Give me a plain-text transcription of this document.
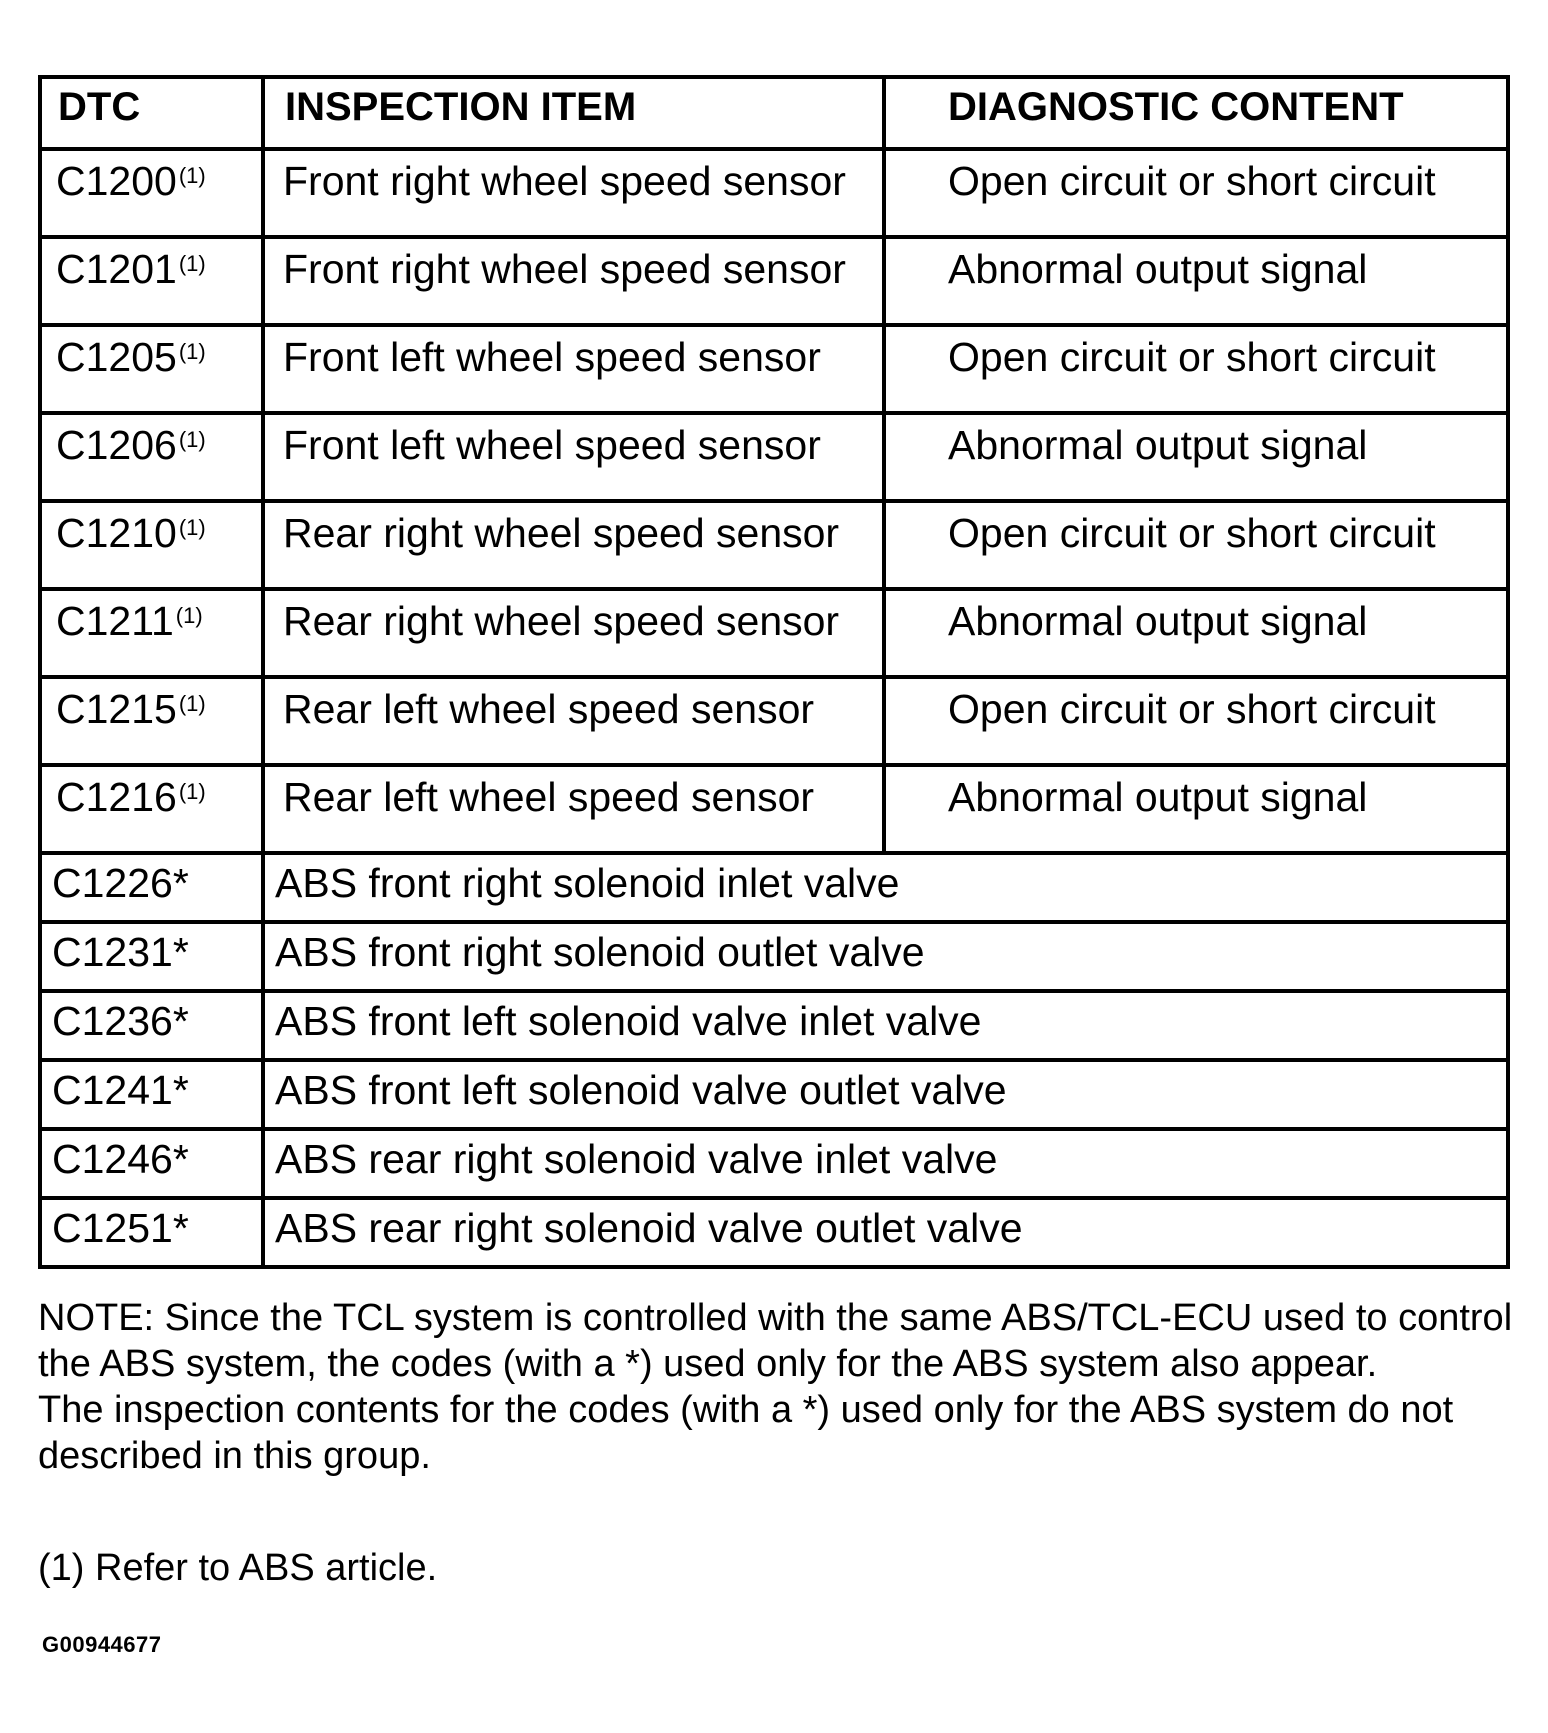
DTC	INSPECTION ITEM	DIAGNOSTIC CONTENT
C1200$^{(1)}$	Front right wheel speed sensor	Open circuit or short circuit
C1201$^{(1)}$	Front right wheel speed sensor	Abnormal output signal
C1205$^{(1)}$	Front left wheel speed sensor	Open circuit or short circuit
C1206$^{(1)}$	Front left wheel speed sensor	Abnormal output signal
C1210$^{(1)}$	Rear right wheel speed sensor	Open circuit or short circuit
C1211$^{(1)}$	Rear right wheel speed sensor	Abnormal output signal
C1215$^{(1)}$	Rear left wheel speed sensor	Open circuit or short circuit
C1216$^{(1)}$	Rear left wheel speed sensor	Abnormal output signal
C1226*	ABS front right solenoid inlet valve	
C1231*	ABS front right solenoid outlet valve	
C1236*	ABS front left solenoid valve inlet valve	
C1241*	ABS front left solenoid valve outlet valve	
C1246*	ABS rear right solenoid valve inlet valve	
C1251*	ABS rear right solenoid valve outlet valve	

NOTE: Since the TCL system is controlled with the same ABS/TCL-ECU used to control the ABS system, the codes (with a *) used only for the ABS system also appear.

The inspection contents for the codes (with a *) used only for the ABS system do not described in this group.

(1) Refer to ABS article.
G00944677
